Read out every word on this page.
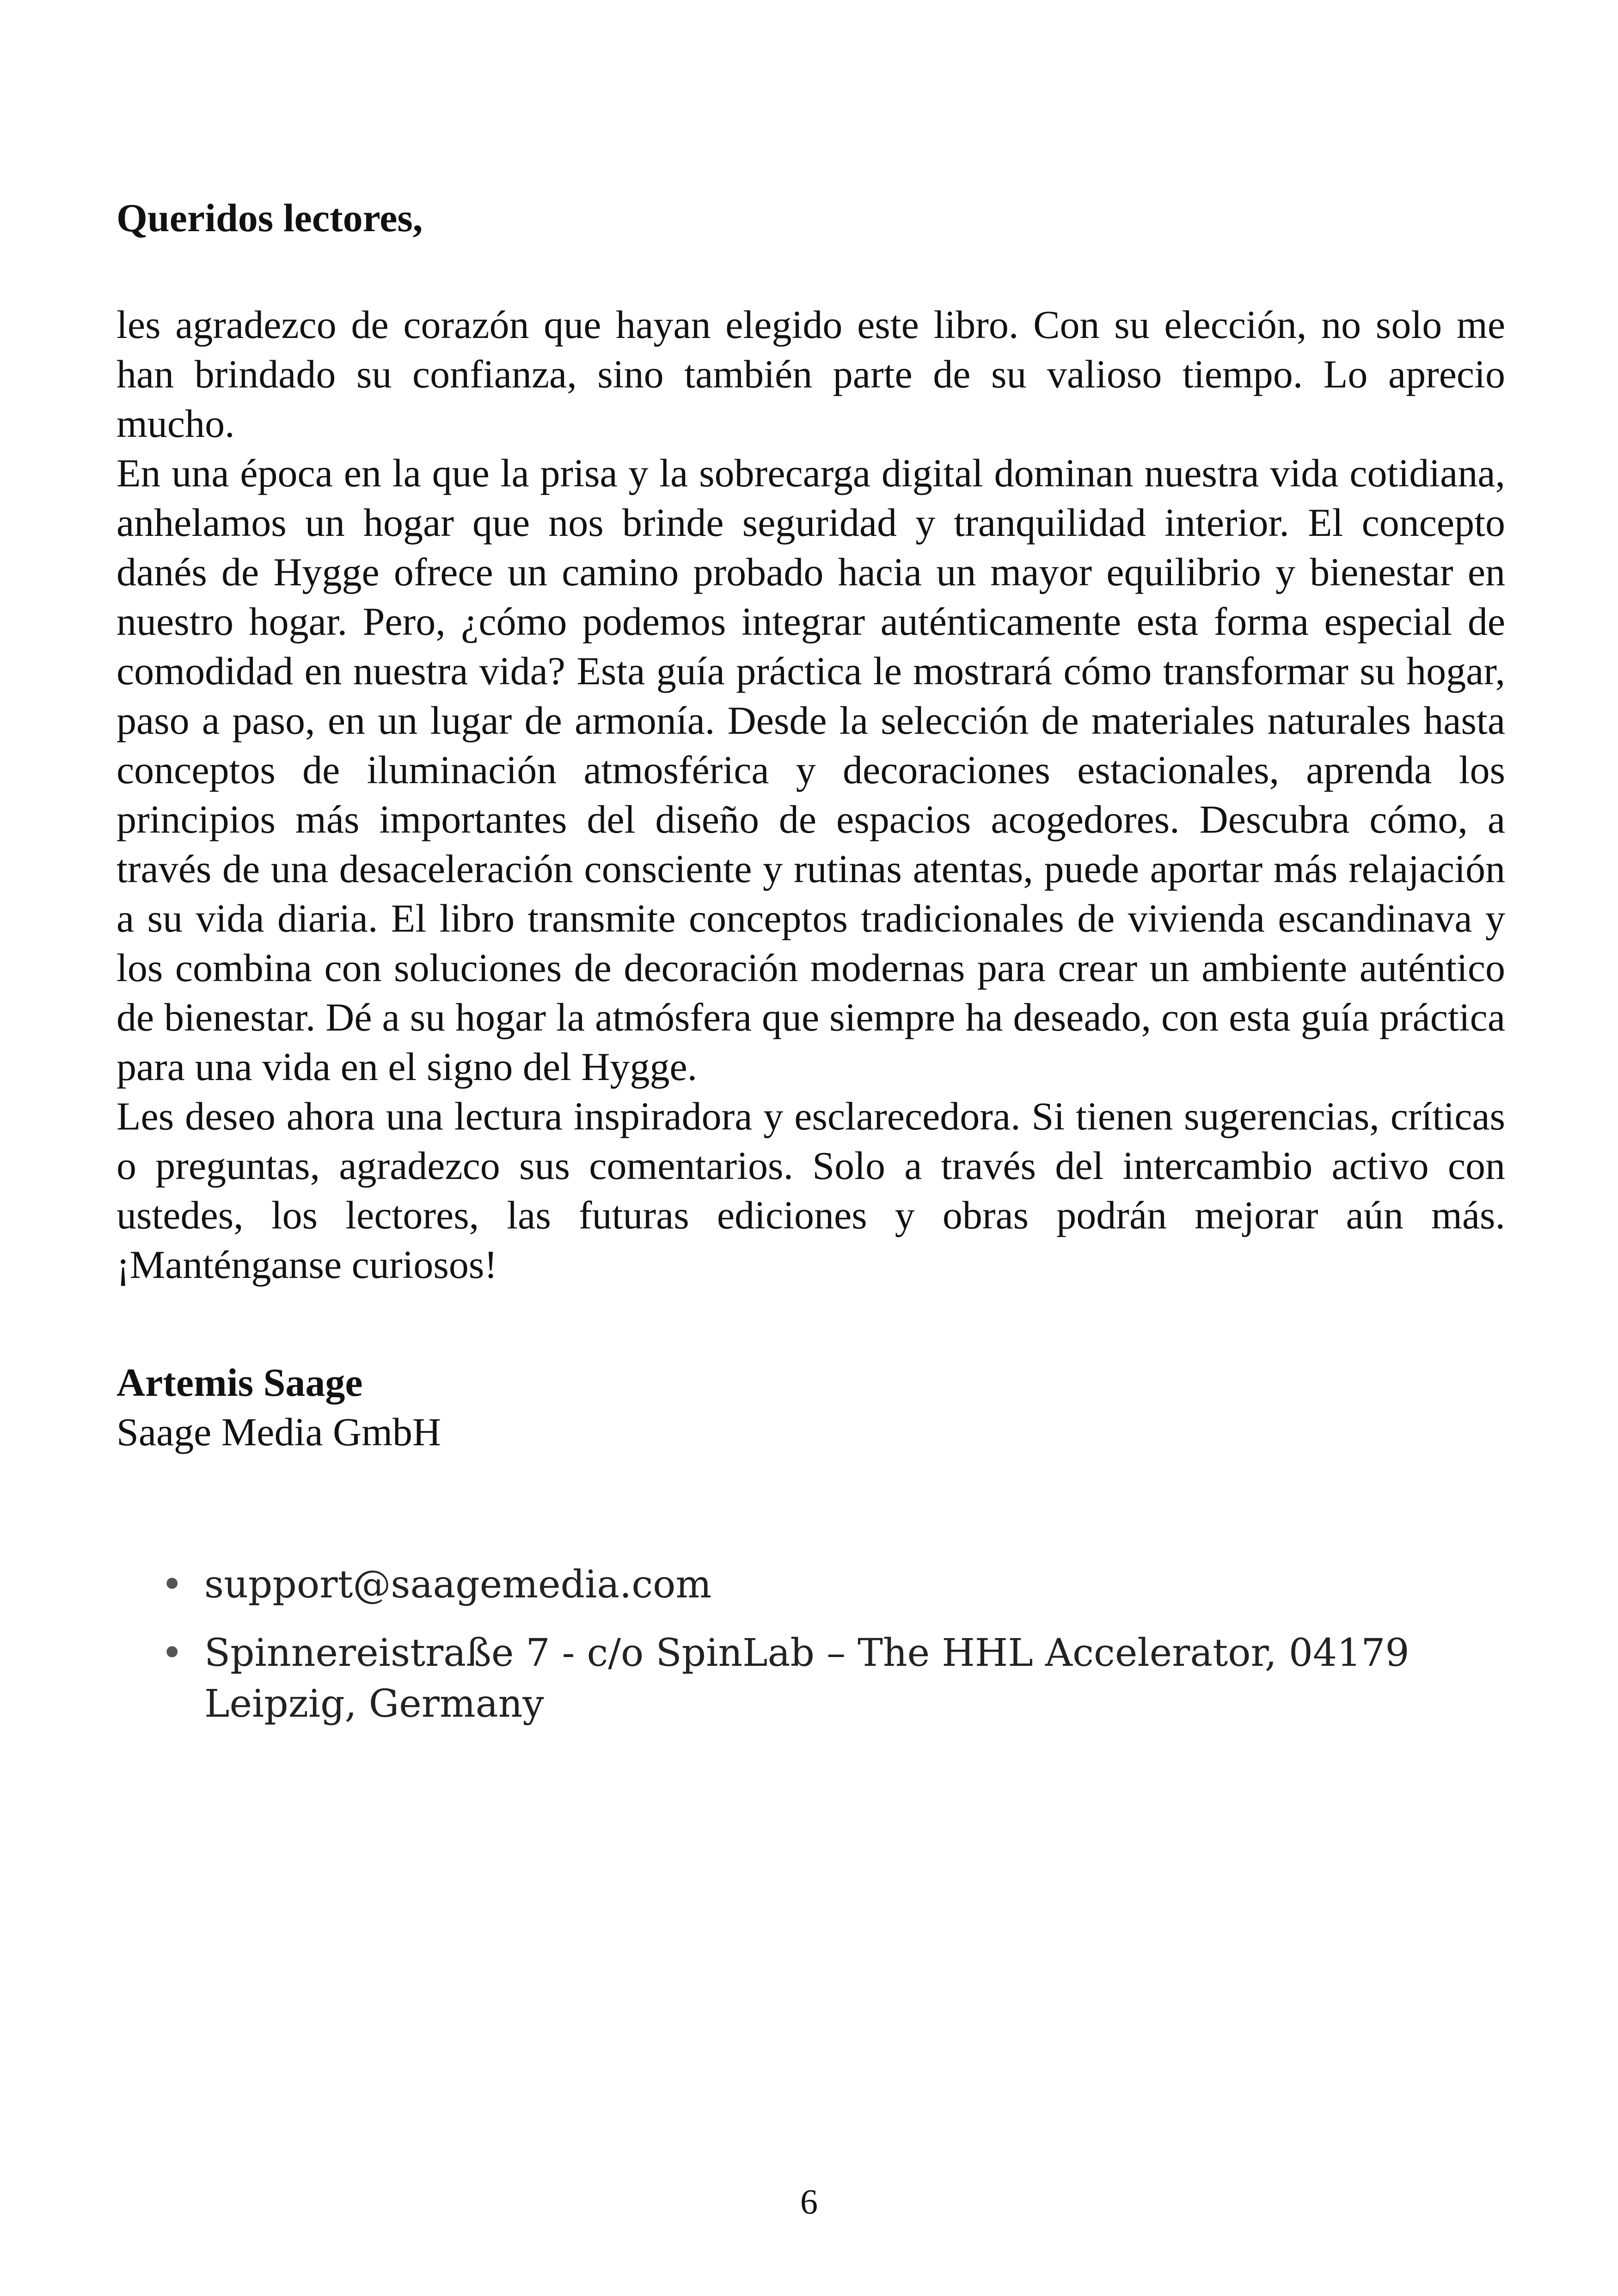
Queridos lectores,

les agradezco de corazón que hayan elegido este libro. Con su elección, no solo me han brindado su confianza, sino también parte de su valioso tiempo. Lo aprecio mucho.

En una época en la que la prisa y la sobrecarga digital dominan nuestra vida cotidiana, anhelamos un hogar que nos brinde seguridad y tranquilidad interior. El concepto danés de Hygge ofrece un camino probado hacia un mayor equilibrio y bienestar en nuestro hogar. Pero, ¿cómo podemos integrar auténticamente esta forma especial de comodidad en nuestra vida? Esta guía práctica le mostrará cómo transformar su hogar, paso a paso, en un lugar de armonía. Desde la selección de materiales naturales hasta conceptos de iluminación atmosférica y decoraciones estacionales, aprenda los principios más importantes del diseño de espacios acogedores. Descubra cómo, a través de una desaceleración consciente y rutinas atentas, puede aportar más relajación a su vida diaria. El libro transmite conceptos tradicionales de vivienda escandinava y los combina con soluciones de decoración modernas para crear un ambiente auténtico de bienestar. Dé a su hogar la atmósfera que siempre ha deseado, con esta guía práctica para una vida en el signo del Hygge.

Les deseo ahora una lectura inspiradora y esclarecedora. Si tienen sugerencias, críticas o preguntas, agradezco sus comentarios. Solo a través del intercambio activo con ustedes, los lectores, las futuras ediciones y obras podrán mejorar aún más. ¡Manténganse curiosos!

Artemis Saage
Saage Media GmbH
• support@saagemedia.com
• Spinnereistraße 7 - c/o SpinLab – The HHL Accelerator, 04179 Leipzig, Germany
6
